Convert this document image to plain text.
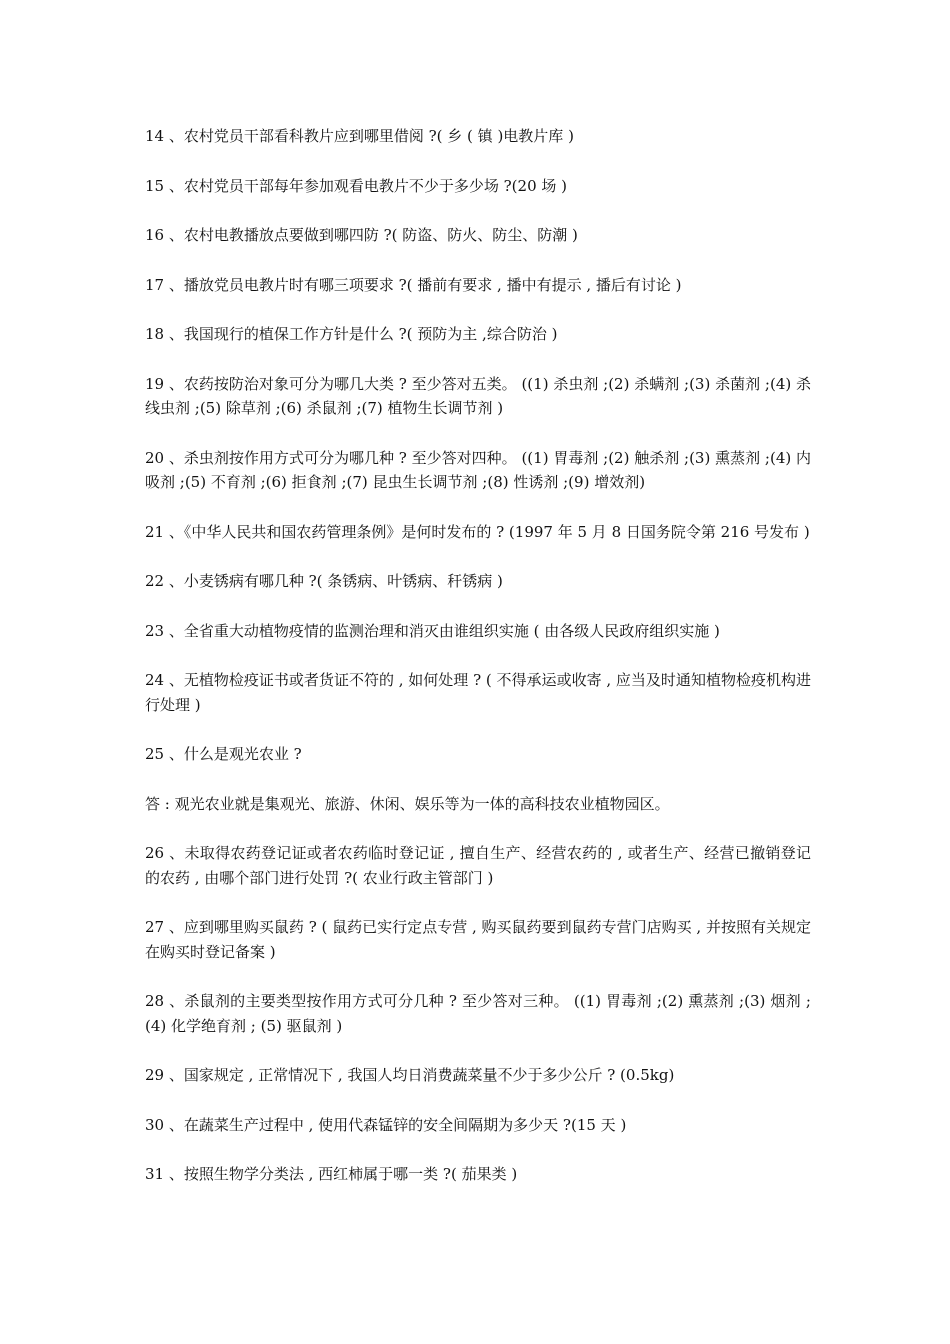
14 、农村党员干部看科教片应到哪里借阅 ?( 乡 ( 镇 )电教片库 )

15 、农村党员干部每年参加观看电教片不少于多少场 ?(20 场 )

16 、农村电教播放点要做到哪四防 ?( 防盗、防火、防尘、防潮 )

17 、播放党员电教片时有哪三项要求 ?( 播前有要求 , 播中有提示 , 播后有讨论 )

18 、我国现行的植保工作方针是什么 ?( 预防为主 ,综合防治 )

19 、农药按防治对象可分为哪几大类 ? 至少答对五类。 ((1) 杀虫剂 ;(2) 杀螨剂 ;(3) 杀菌剂 ;(4) 杀线虫剂 ;(5) 除草剂 ;(6) 杀鼠剂 ;(7) 植物生长调节剂 )

20 、杀虫剂按作用方式可分为哪几种 ? 至少答对四种。 ((1) 胃毒剂 ;(2) 触杀剂 ;(3) 熏蒸剂 ;(4) 内吸剂 ;(5) 不育剂 ;(6) 拒食剂 ;(7) 昆虫生长调节剂 ;(8) 性诱剂 ;(9) 增效剂)

21 、《中华人民共和国农药管理条例》是何时发布的 ? (1997 年 5 月 8 日国务院令第 216 号发布 )

22 、小麦锈病有哪几种 ?( 条锈病、叶锈病、秆锈病 )

23 、全省重大动植物疫情的监测治理和消灭由谁组织实施 ( 由各级人民政府组织实施 )

24 、无植物检疫证书或者货证不符的 , 如何处理 ? ( 不得承运或收寄 , 应当及时通知植物检疫机构进行处理 )

25 、什么是观光农业 ?

答 : 观光农业就是集观光、旅游、休闲、娱乐等为一体的高科技农业植物园区。

26 、未取得农药登记证或者农药临时登记证 , 擅自生产、经营农药的 , 或者生产、经营已撤销登记的农药 , 由哪个部门进行处罚 ?( 农业行政主管部门 )

27 、应到哪里购买鼠药 ? ( 鼠药已实行定点专营 , 购买鼠药要到鼠药专营门店购买 , 并按照有关规定在购买时登记备案 )

28 、杀鼠剂的主要类型按作用方式可分几种 ? 至少答对三种。 ((1) 胃毒剂 ;(2) 熏蒸剂 ;(3) 烟剂 ;(4) 化学绝育剂 ; (5) 驱鼠剂 )

29 、国家规定 , 正常情况下 , 我国人均日消费蔬菜量不少于多少公斤 ? (0.5kg)

30 、在蔬菜生产过程中 , 使用代森锰锌的安全间隔期为多少天 ?(15 天 )

31 、按照生物学分类法 , 西红柿属于哪一类 ?( 茄果类 )
